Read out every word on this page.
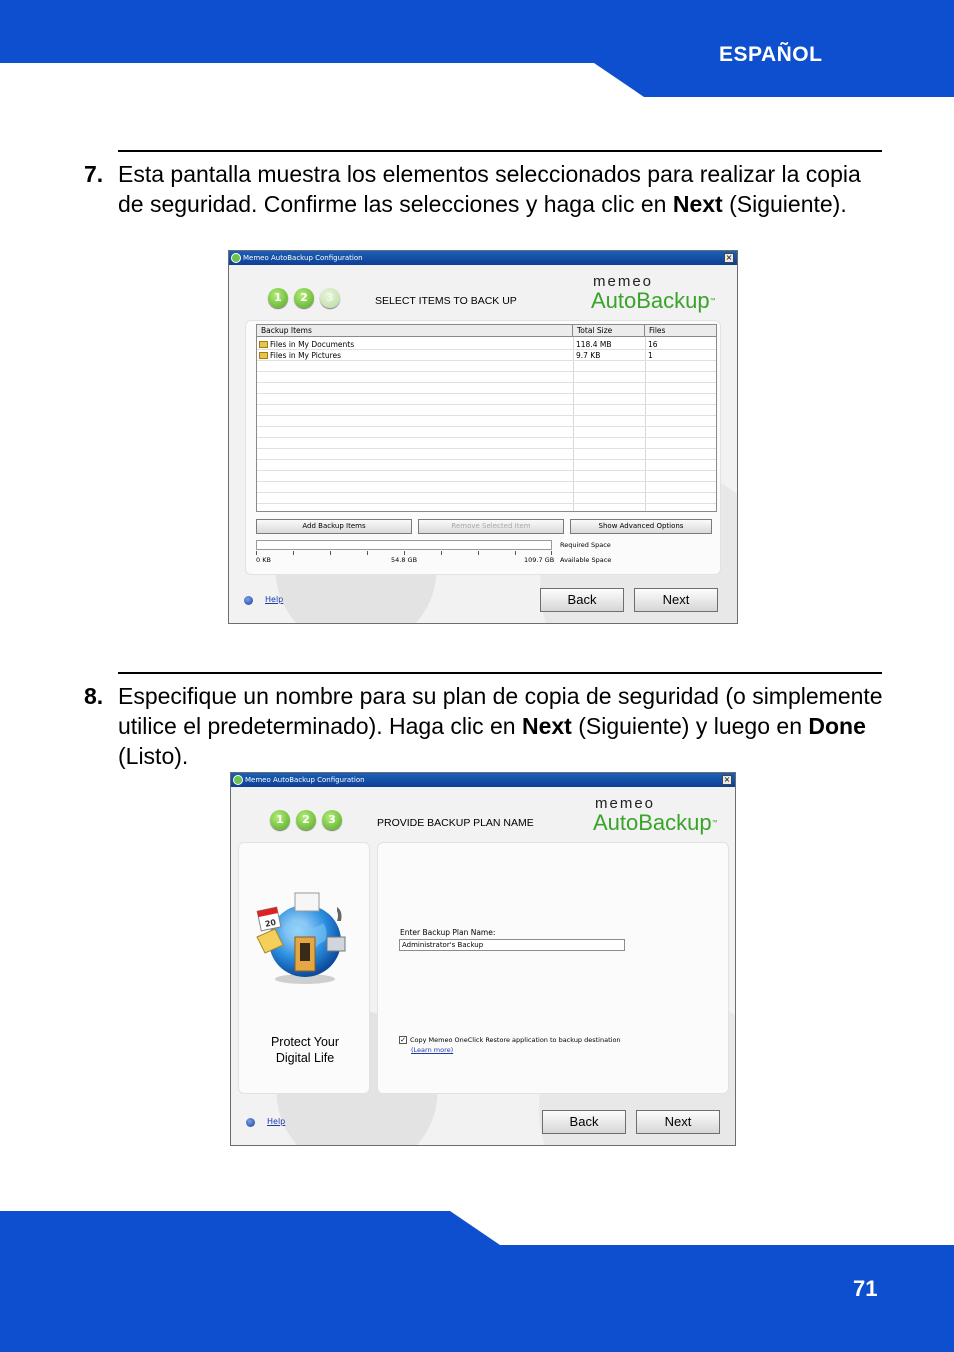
ESPAÑOL
7. Esta pantalla muestra los elementos seleccionados para realizar la copia de seguridad. Confirme las selecciones y haga clic en Next (Siguiente).
Memeo AutoBackup Configuration	×
1	2	3	SELECT ITEMS TO BACK UP
memeo
AutoBackup™
Backup Items	Total Size	Files
Files in My Documents	118.4 MB	16
Files in My Pictures	9.7 KB	1
Add Backup Items	Remove Selected Item	Show Advanced Options
0 KB	54.8 GB	109.7 GB
Required Space
Available Space
Help	Back	Next
8. Especifique un nombre para su plan de copia de seguridad (o simplemente utilice el predeterminado). Haga clic en Next (Siguiente) y luego en Done (Listo).
Memeo AutoBackup Configuration	×
1	2	3	PROVIDE BACKUP PLAN NAME
memeo
AutoBackup™
20
Protect Your
Digital Life
Enter Backup Plan Name:
Administrator's Backup
✓ Copy Memeo OneClick Restore application to backup destination
(Learn more)
Help	Back	Next
71
